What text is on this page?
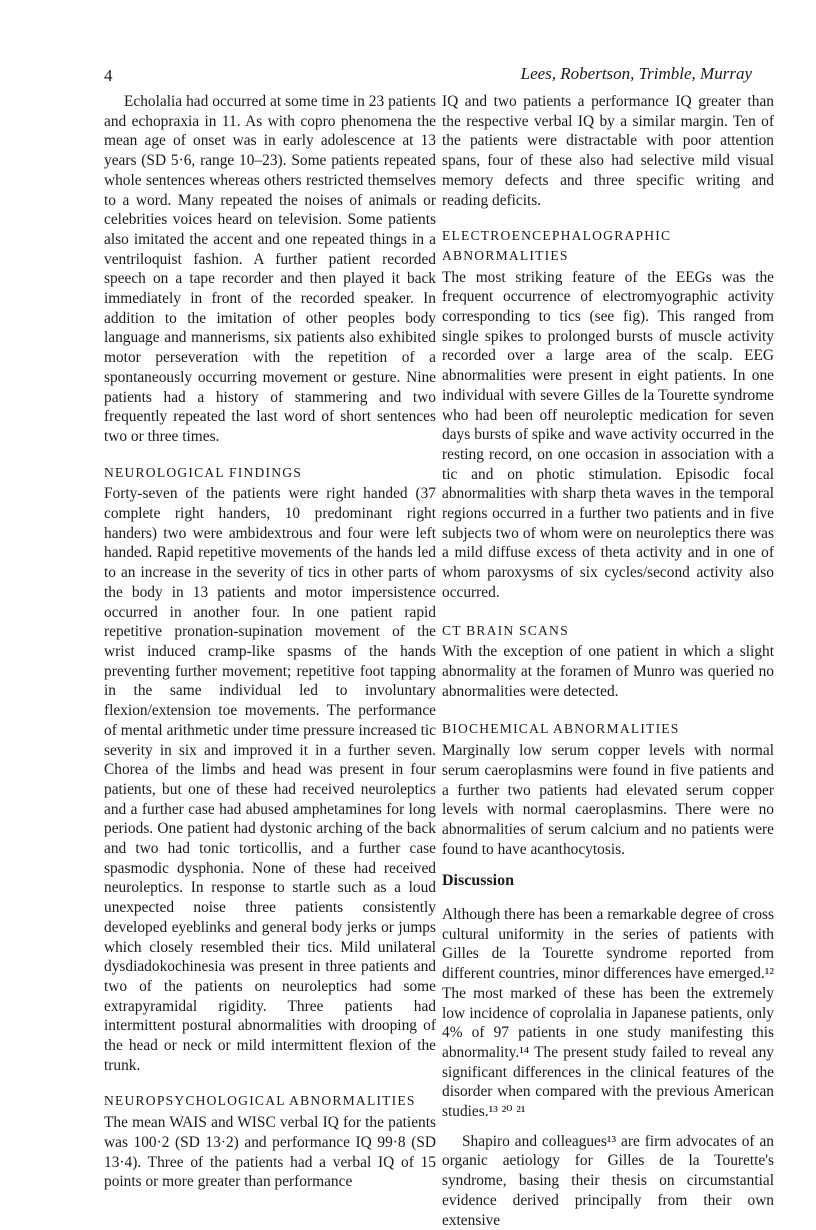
4	Lees, Robertson, Trimble, Murray

Echolalia had occurred at some time in 23 patients and echopraxia in 11. As with copro phenomena the mean age of onset was in early adolescence at 13 years (SD 5·6, range 10–23). Some patients repeated whole sentences whereas others restricted themselves to a word. Many repeated the noises of animals or celebrities voices heard on television. Some patients also imitated the accent and one repeated things in a ventriloquist fashion. A further patient recorded speech on a tape recorder and then played it back immediately in front of the recorded speaker. In addition to the imitation of other peoples body language and mannerisms, six patients also exhibited motor perseveration with the repetition of a spontaneously occurring movement or gesture. Nine patients had a history of stammering and two frequently repeated the last word of short sentences two or three times.

NEUROLOGICAL FINDINGS

Forty-seven of the patients were right handed (37 complete right handers, 10 predominant right handers) two were ambidextrous and four were left handed. Rapid repetitive movements of the hands led to an increase in the severity of tics in other parts of the body in 13 patients and motor impersistence occurred in another four. In one patient rapid repetitive pronation-supination movement of the wrist induced cramp-like spasms of the hands preventing further movement; repetitive foot tapping in the same individual led to involuntary flexion/extension toe movements. The performance of mental arithmetic under time pressure increased tic severity in six and improved it in a further seven. Chorea of the limbs and head was present in four patients, but one of these had received neuroleptics and a further case had abused amphetamines for long periods. One patient had dystonic arching of the back and two had tonic torticollis, and a further case spasmodic dysphonia. None of these had received neuroleptics. In response to startle such as a loud unexpected noise three patients consistently developed eyeblinks and general body jerks or jumps which closely resembled their tics. Mild unilateral dysdiadokochinesia was present in three patients and two of the patients on neuroleptics had some extrapyramidal rigidity. Three patients had intermittent postural abnormalities with drooping of the head or neck or mild intermittent flexion of the trunk.

NEUROPSYCHOLOGICAL ABNORMALITIES

The mean WAIS and WISC verbal IQ for the patients was 100·2 (SD 13·2) and performance IQ 99·8 (SD 13·4). Three of the patients had a verbal IQ of 15 points or more greater than performance

IQ and two patients a performance IQ greater than the respective verbal IQ by a similar margin. Ten of the patients were distractable with poor attention spans, four of these also had selective mild visual memory defects and three specific writing and reading deficits.

ELECTROENCEPHALOGRAPHIC ABNORMALITIES

The most striking feature of the EEGs was the frequent occurrence of electromyographic activity corresponding to tics (see fig). This ranged from single spikes to prolonged bursts of muscle activity recorded over a large area of the scalp. EEG abnormalities were present in eight patients. In one individual with severe Gilles de la Tourette syndrome who had been off neuroleptic medication for seven days bursts of spike and wave activity occurred in the resting record, on one occasion in association with a tic and on photic stimulation. Episodic focal abnormalities with sharp theta waves in the temporal regions occurred in a further two patients and in five subjects two of whom were on neuroleptics there was a mild diffuse excess of theta activity and in one of whom paroxysms of six cycles/second activity also occurred.

CT BRAIN SCANS

With the exception of one patient in which a slight abnormality at the foramen of Munro was queried no abnormalities were detected.

BIOCHEMICAL ABNORMALITIES

Marginally low serum copper levels with normal serum caeroplasmins were found in five patients and a further two patients had elevated serum copper levels with normal caeroplasmins. There were no abnormalities of serum calcium and no patients were found to have acanthocytosis.

Discussion

Although there has been a remarkable degree of cross cultural uniformity in the series of patients with Gilles de la Tourette syndrome reported from different countries, minor differences have emerged.¹² The most marked of these has been the extremely low incidence of coprolalia in Japanese patients, only 4% of 97 patients in one study manifesting this abnormality.¹⁴ The present study failed to reveal any significant differences in the clinical features of the disorder when compared with the previous American studies.¹³ ²⁰ ²¹

Shapiro and colleagues¹³ are firm advocates of an organic aetiology for Gilles de la Tourette's syndrome, basing their thesis on circumstantial evidence derived principally from their own extensive
